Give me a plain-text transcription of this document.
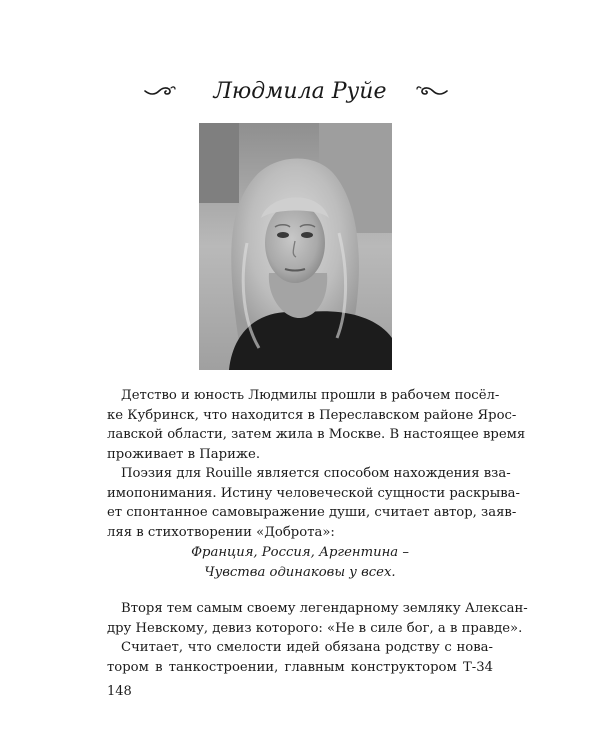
Людмила Руйе
Детство и юность Людмилы прошли в рабочем посёл-
ке Кубринск, что находится в Переславском районе Ярос-
лавской области, затем жила в Москве. В настоящее время
проживает в Париже.
Поэзия для Rouille является способом нахождения вза-
имопонимания. Истину человеческой сущности раскрыва-
ет спонтанное самовыражение души, считает автор, заяв-
ляя в стихотворении «Доброта»:
Франция, Россия, Аргентина –
Чувства одинаковы у всех.
Вторя тем самым своему легендарному земляку Алексан-
дру Невскому, девиз которого: «Не в силе бог, а в правде».
Считает, что смелости идей обязана родству с нова-
тором в танкостроении, главным конструктором Т-34
148
